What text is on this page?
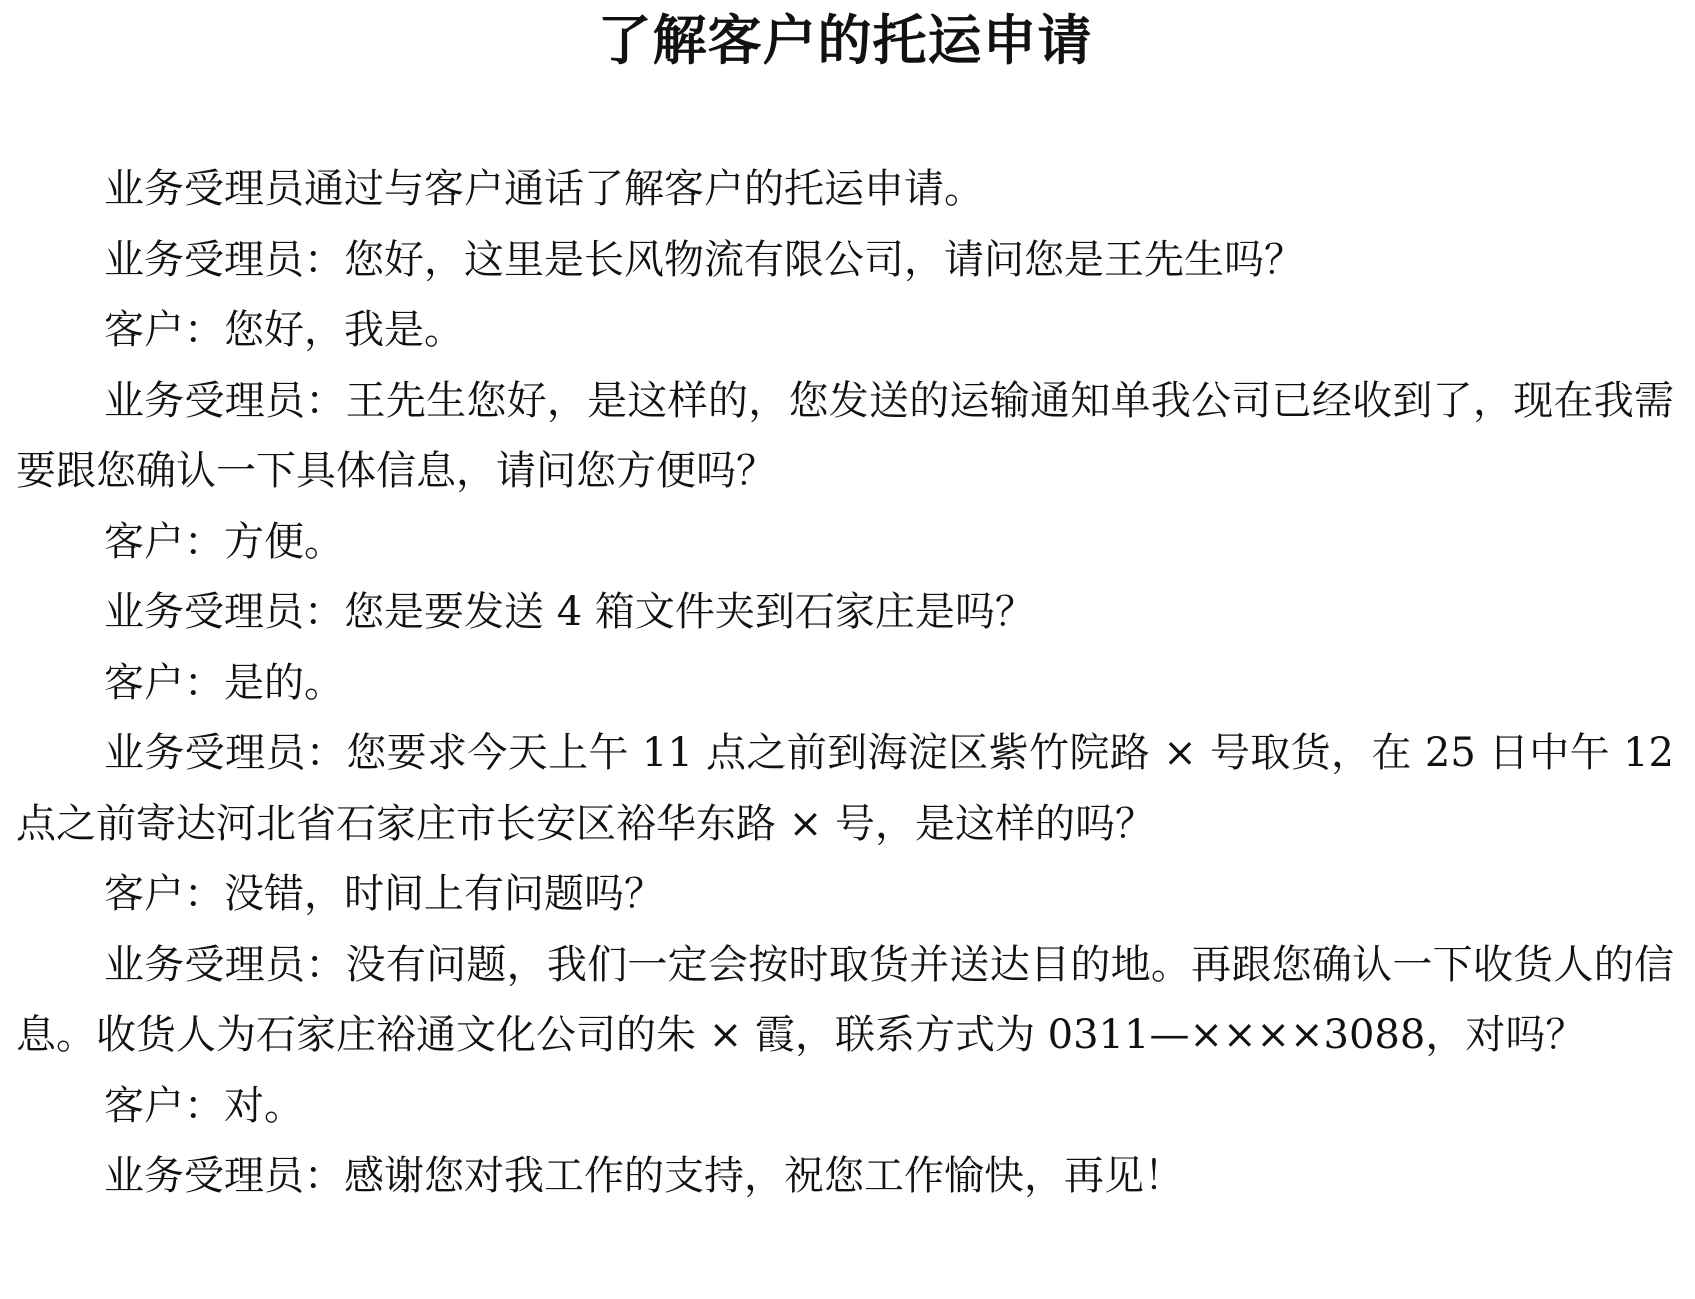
了解客户的托运申请

业务受理员通过与客户通话了解客户的托运申请。

业务受理员：您好，这里是长风物流有限公司，请问您是王先生吗？

客户：您好，我是。

业务受理员：王先生您好，是这样的，您发送的运输通知单我公司已经收到了，现在我需要跟您确认一下具体信息，请问您方便吗？

客户：方便。

业务受理员：您是要发送 4 箱文件夹到石家庄是吗？

客户：是的。

业务受理员：您要求今天上午 11 点之前到海淀区紫竹院路 × 号取货，在 25 日中午 12 点之前寄达河北省石家庄市长安区裕华东路 × 号，是这样的吗？

客户：没错，时间上有问题吗？

业务受理员：没有问题，我们一定会按时取货并送达目的地。再跟您确认一下收货人的信息。收货人为石家庄裕通文化公司的朱 × 霞，联系方式为 0311—××××3088，对吗？

客户：对。

业务受理员：感谢您对我工作的支持，祝您工作愉快，再见！
